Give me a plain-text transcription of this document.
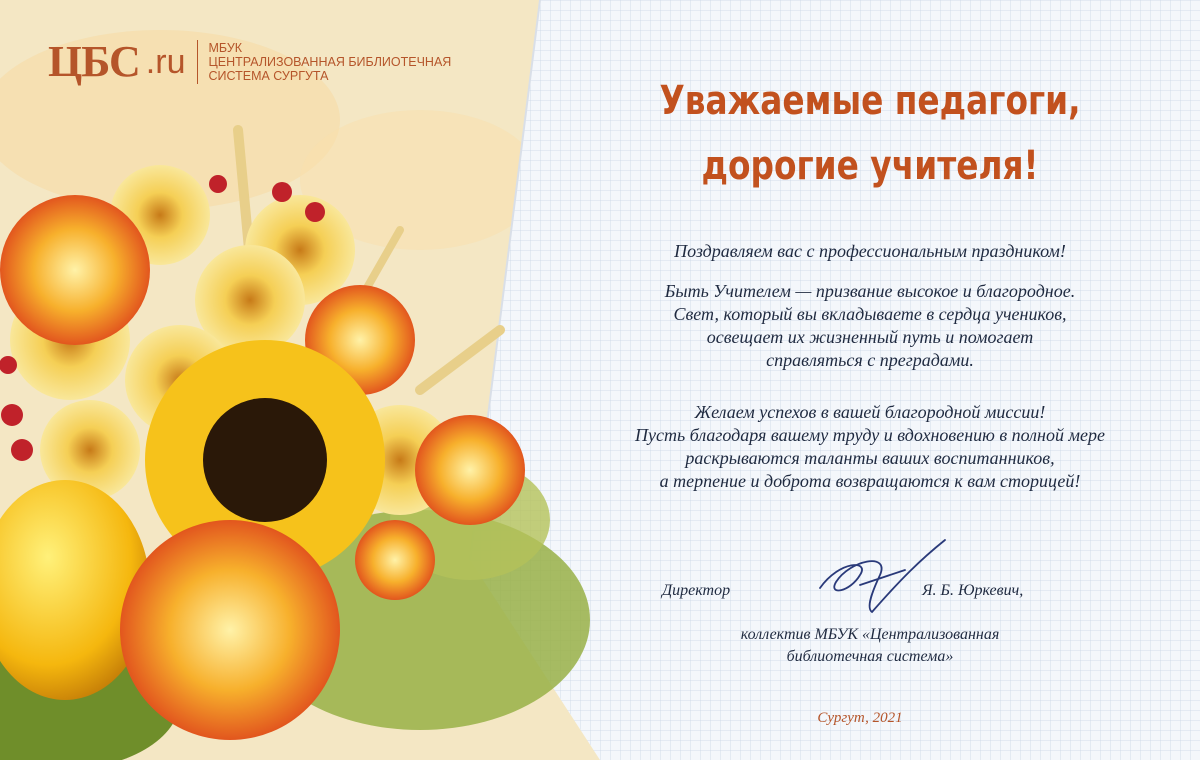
ЦБС .ru МБУК
ЦЕНТРАЛИЗОВАННАЯ БИБЛИОТЕЧНАЯ
СИСТЕМА СУРГУТА
Уважаемые педагоги,
дорогие учителя!

Поздравляем вас с профессиональным праздником!

Быть Учителем — призвание высокое и благородное.
Свет, который вы вкладываете в сердца учеников,
освещает их жизненный путь и помогает
справляться с преградами.

Желаем успехов в вашей благородной миссии!
Пусть благодаря вашему труду и вдохновению в полной мере
раскрываются таланты ваших воспитанников,
а терпение и доброта возвращаются к вам сторицей!

Директор	Я. Б. Юркевич,
коллектив МБУК «Централизованная
библиотечная система»
Сургут, 2021
